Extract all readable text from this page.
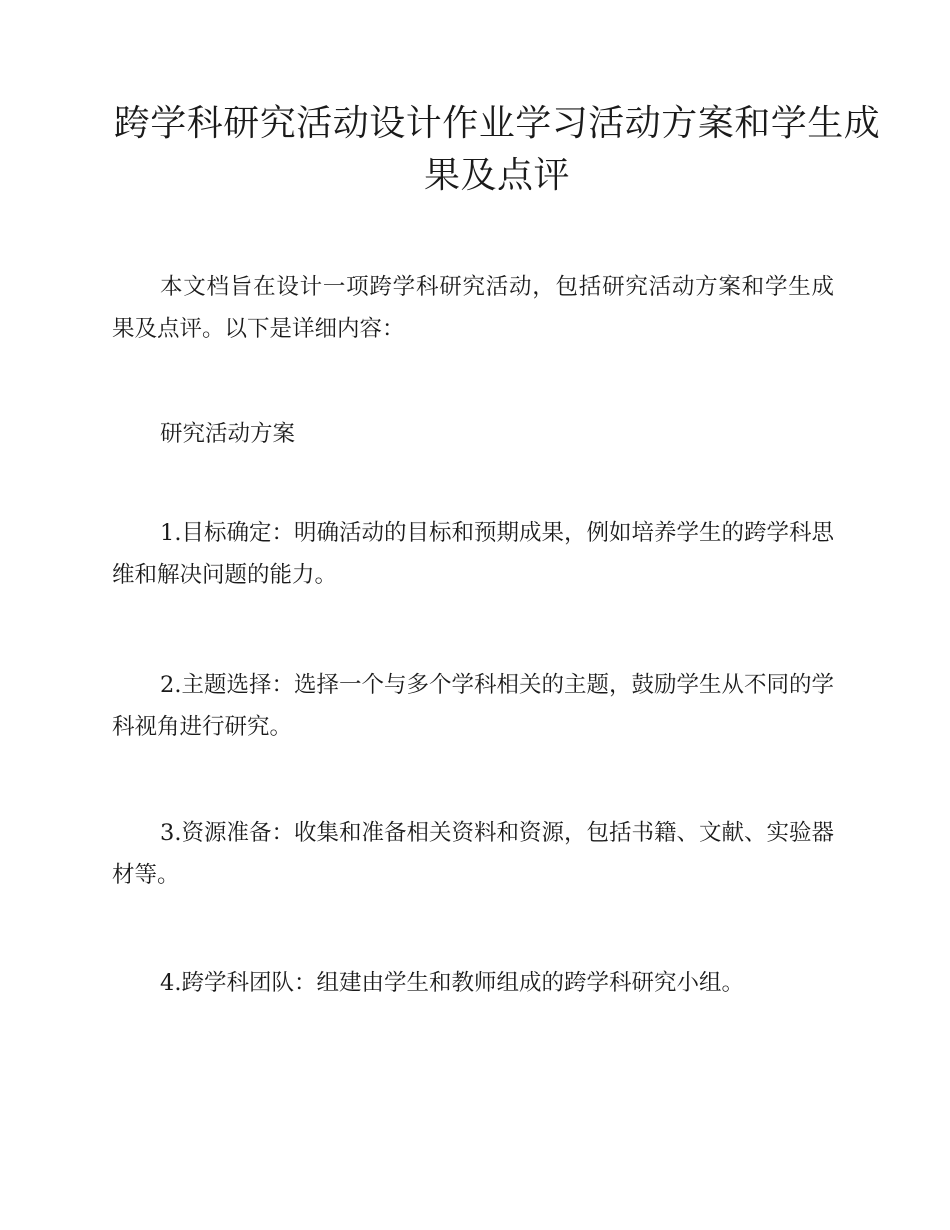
跨学科研究活动设计作业学习活动方案和学生成果及点评

本文档旨在设计一项跨学科研究活动，包括研究活动方案和学生成果及点评。以下是详细内容：

研究活动方案

1.目标确定：明确活动的目标和预期成果，例如培养学生的跨学科思维和解决问题的能力。

2.主题选择：选择一个与多个学科相关的主题，鼓励学生从不同的学科视角进行研究。

3.资源准备：收集和准备相关资料和资源，包括书籍、文献、实验器材等。

4.跨学科团队：组建由学生和教师组成的跨学科研究小组。
